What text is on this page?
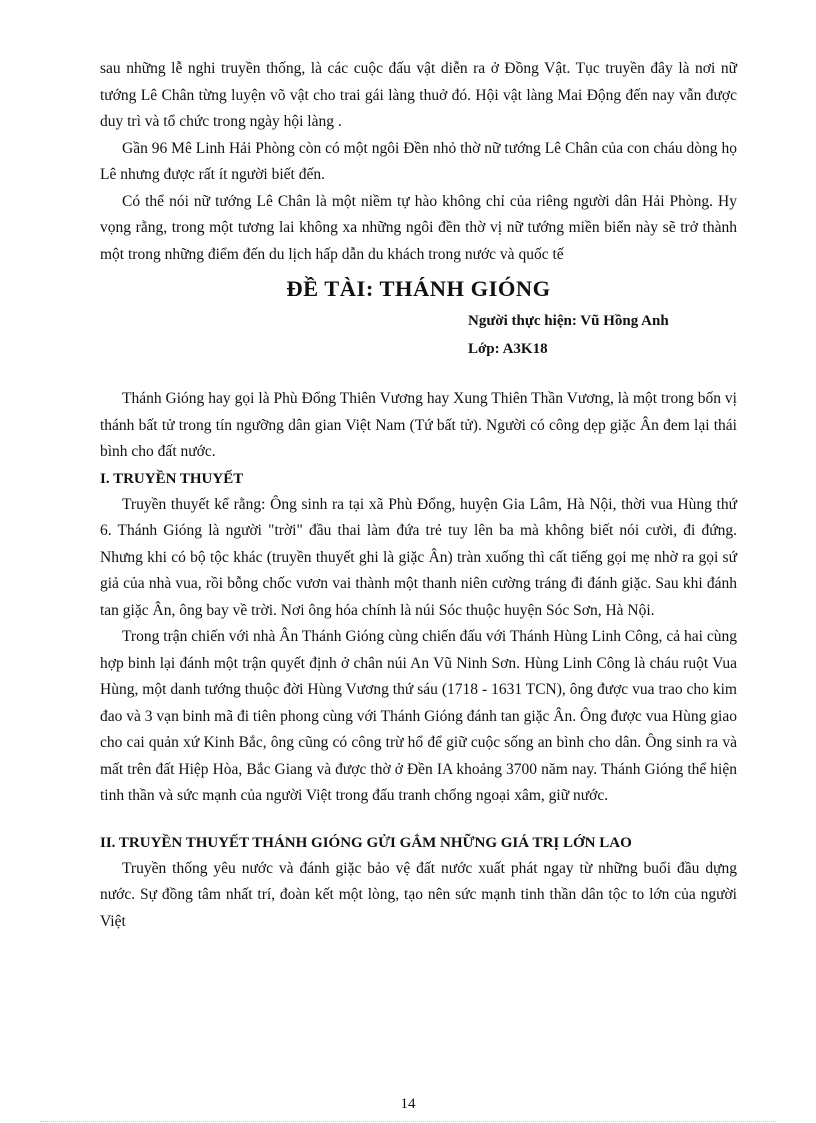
sau những lễ nghi truyền thống, là các cuộc đấu vật diễn ra ở Đồng Vật. Tục truyền đây là nơi nữ tướng Lê Chân từng luyện võ vật cho trai gái làng thuở đó. Hội vật làng Mai Động đến nay vẫn được duy trì và tổ chức trong ngày hội làng .

Gần 96 Mê Linh Hải Phòng còn có một ngôi Đền nhỏ thờ nữ tướng Lê Chân của con cháu dòng họ Lê nhưng được rất ít người biết đến.

Có thể nói nữ tướng Lê Chân là một niềm tự hào không chỉ của riêng người dân Hải Phòng. Hy vọng rằng, trong một tương lai không xa những ngôi đền thờ vị nữ tướng miền biển này sẽ trở thành một trong những điểm đến du lịch hấp dẫn du khách trong nước và quốc tế

ĐỀ TÀI: THÁNH GIÓNG
Người thực hiện: Vũ Hồng Anh
Lớp: A3K18

Thánh Gióng hay gọi là Phù Đổng Thiên Vương hay Xung Thiên Thần Vương, là một trong bốn vị thánh bất tử trong tín ngưỡng dân gian Việt Nam (Tứ bất tử). Người có công dẹp giặc Ân đem lại thái bình cho đất nước.

I. TRUYỀN THUYẾT

Truyền thuyết kể rằng: Ông sinh ra tại xã Phù Đổng, huyện Gia Lâm, Hà Nội, thời vua Hùng thứ 6. Thánh Gióng là người "trời" đầu thai làm đứa trẻ tuy lên ba mà không biết nói cười, đi đứng. Nhưng khi có bộ tộc khác (truyền thuyết ghi là giặc Ân) tràn xuống thì cất tiếng gọi mẹ nhờ ra gọi sứ giả của nhà vua, rồi bỗng chốc vươn vai thành một thanh niên cường tráng đi đánh giặc. Sau khi đánh tan giặc Ân, ông bay về trời. Nơi ông hóa chính là núi Sóc thuộc huyện Sóc Sơn, Hà Nội.

Trong trận chiến với nhà Ân Thánh Gióng cùng chiến đấu với Thánh Hùng Linh Công, cả hai cùng hợp binh lại đánh một trận quyết định ở chân núi An Vũ Ninh Sơn. Hùng Linh Công là cháu ruột Vua Hùng, một danh tướng thuộc đời Hùng Vương thứ sáu (1718 - 1631 TCN), ông được vua trao cho kim đao và 3 vạn binh mã đi tiên phong cùng với Thánh Gióng đánh tan giặc Ân. Ông được vua Hùng giao cho cai quản xứ Kinh Bắc, ông cũng có công trừ hổ để giữ cuộc sống an bình cho dân. Ông sinh ra và mất trên đất Hiệp Hòa, Bắc Giang và được thờ ở Đền IA khoảng 3700 năm nay. Thánh Gióng thể hiện tinh thần và sức mạnh của người Việt trong đấu tranh chống ngoại xâm, giữ nước.

II. TRUYỀN THUYẾT THÁNH GIÓNG GỬI GẮM NHỮNG GIÁ TRỊ LỚN LAO

Truyền thống yêu nước và đánh giặc bảo vệ đất nước xuất phát ngay từ những buổi đầu dựng nước. Sự đồng tâm nhất trí, đoàn kết một lòng, tạo nên sức mạnh tinh thần dân tộc to lớn của người Việt

14
